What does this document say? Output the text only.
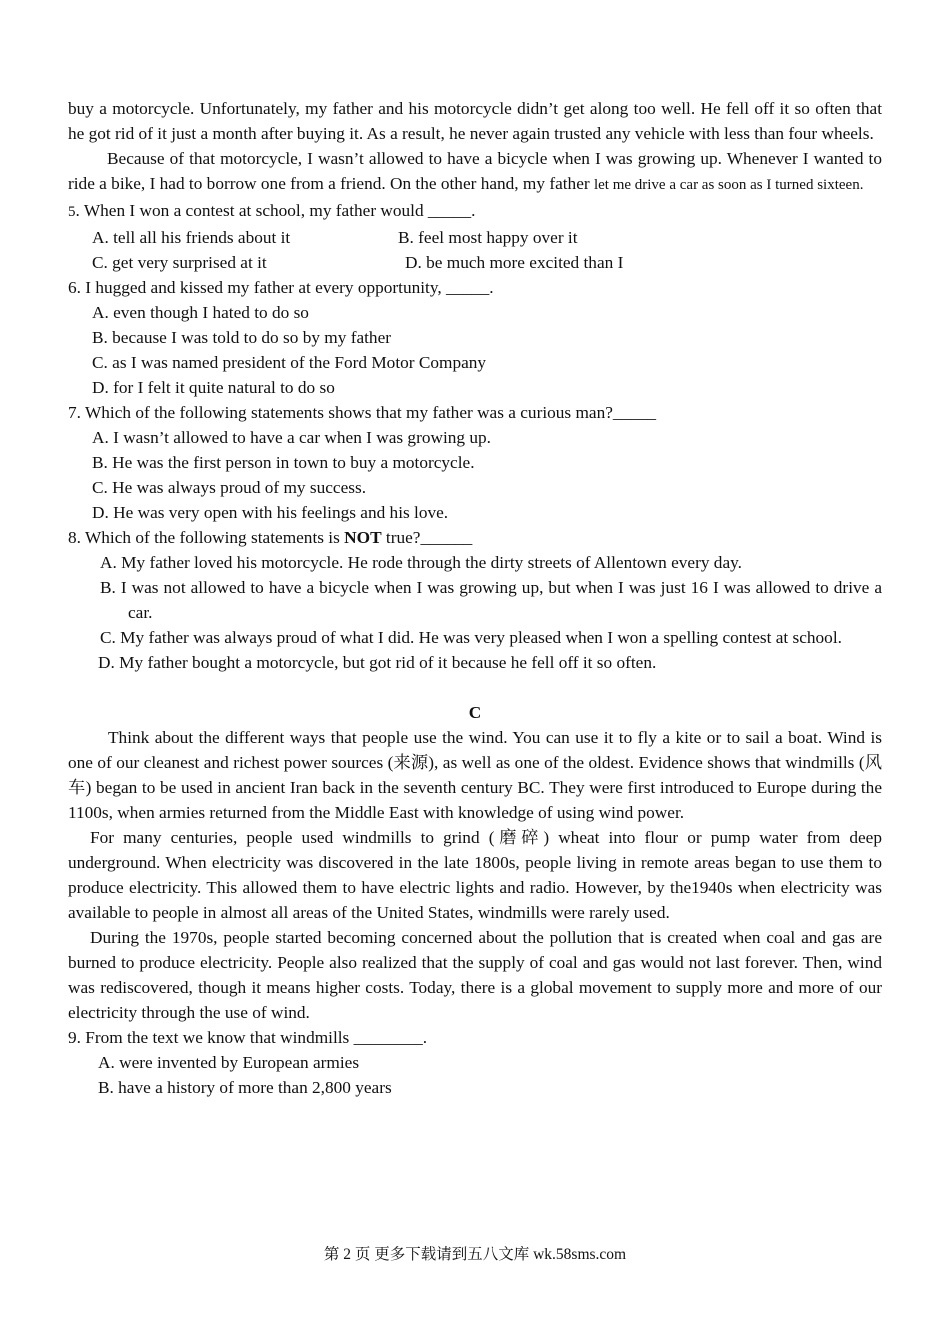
buy a motorcycle. Unfortunately, my father and his motorcycle didn’t get along too well. He fell off it so often that he got rid of it just a month after buying it. As a result, he never again trusted any vehicle with less than four wheels.

Because of that motorcycle, I wasn’t allowed to have a bicycle when I was growing up. Whenever I wanted to ride a bike, I had to borrow one from a friend. On the other hand, my father let me drive a car as soon as I turned sixteen.

5. When I won a contest at school, my father would _____.

A. tell all his friends about it	B. feel most happy over it
C. get very surprised at it	D. be much more excited than I

6. I hugged and kissed my father at every opportunity, _____.

A. even though I hated to do so

B. because I was told to do so by my father

C. as I was named president of the Ford Motor Company

D. for I felt it quite natural to do so

7. Which of the following statements shows that my father was a curious man?_____

A. I wasn’t allowed to have a car when I was growing up.

B. He was the first person in town to buy a motorcycle.

C. He was always proud of my success.

D. He was very open with his feelings and his love.

8. Which of the following statements is NOT true?______

A. My father loved his motorcycle. He rode through the dirty streets of Allentown every day.

B. I was not allowed to have a bicycle when I was growing up, but when I was just 16 I was allowed to drive a car.

C. My father was always proud of what I did. He was very pleased when I won a spelling contest at school.

D. My father bought a motorcycle, but got rid of it because he fell off it so often.

C

Think about the different ways that people use the wind. You can use it to fly a kite or to sail a boat. Wind is one of our cleanest and richest power sources (来源), as well as one of the oldest. Evidence shows that windmills (风车) began to be used in ancient Iran back in the seventh century BC. They were first introduced to Europe during the 1100s, when armies returned from the Middle East with knowledge of using wind power.

For many centuries, people used windmills to grind (磨碎) wheat into flour or pump water from deep underground. When electricity was discovered in the late 1800s, people living in remote areas began to use them to produce electricity. This allowed them to have electric lights and radio. However, by the1940s when electricity was available to people in almost all areas of the United States, windmills were rarely used.

During the 1970s, people started becoming concerned about the pollution that is created when coal and gas are burned to produce electricity. People also realized that the supply of coal and gas would not last forever. Then, wind was rediscovered, though it means higher costs. Today, there is a global movement to supply more and more of our electricity through the use of wind.

9. From the text we know that windmills ________.

A. were invented by European armies

B. have a history of more than 2,800 years

第 2 页 更多下载请到五八文库 wk.58sms.com
